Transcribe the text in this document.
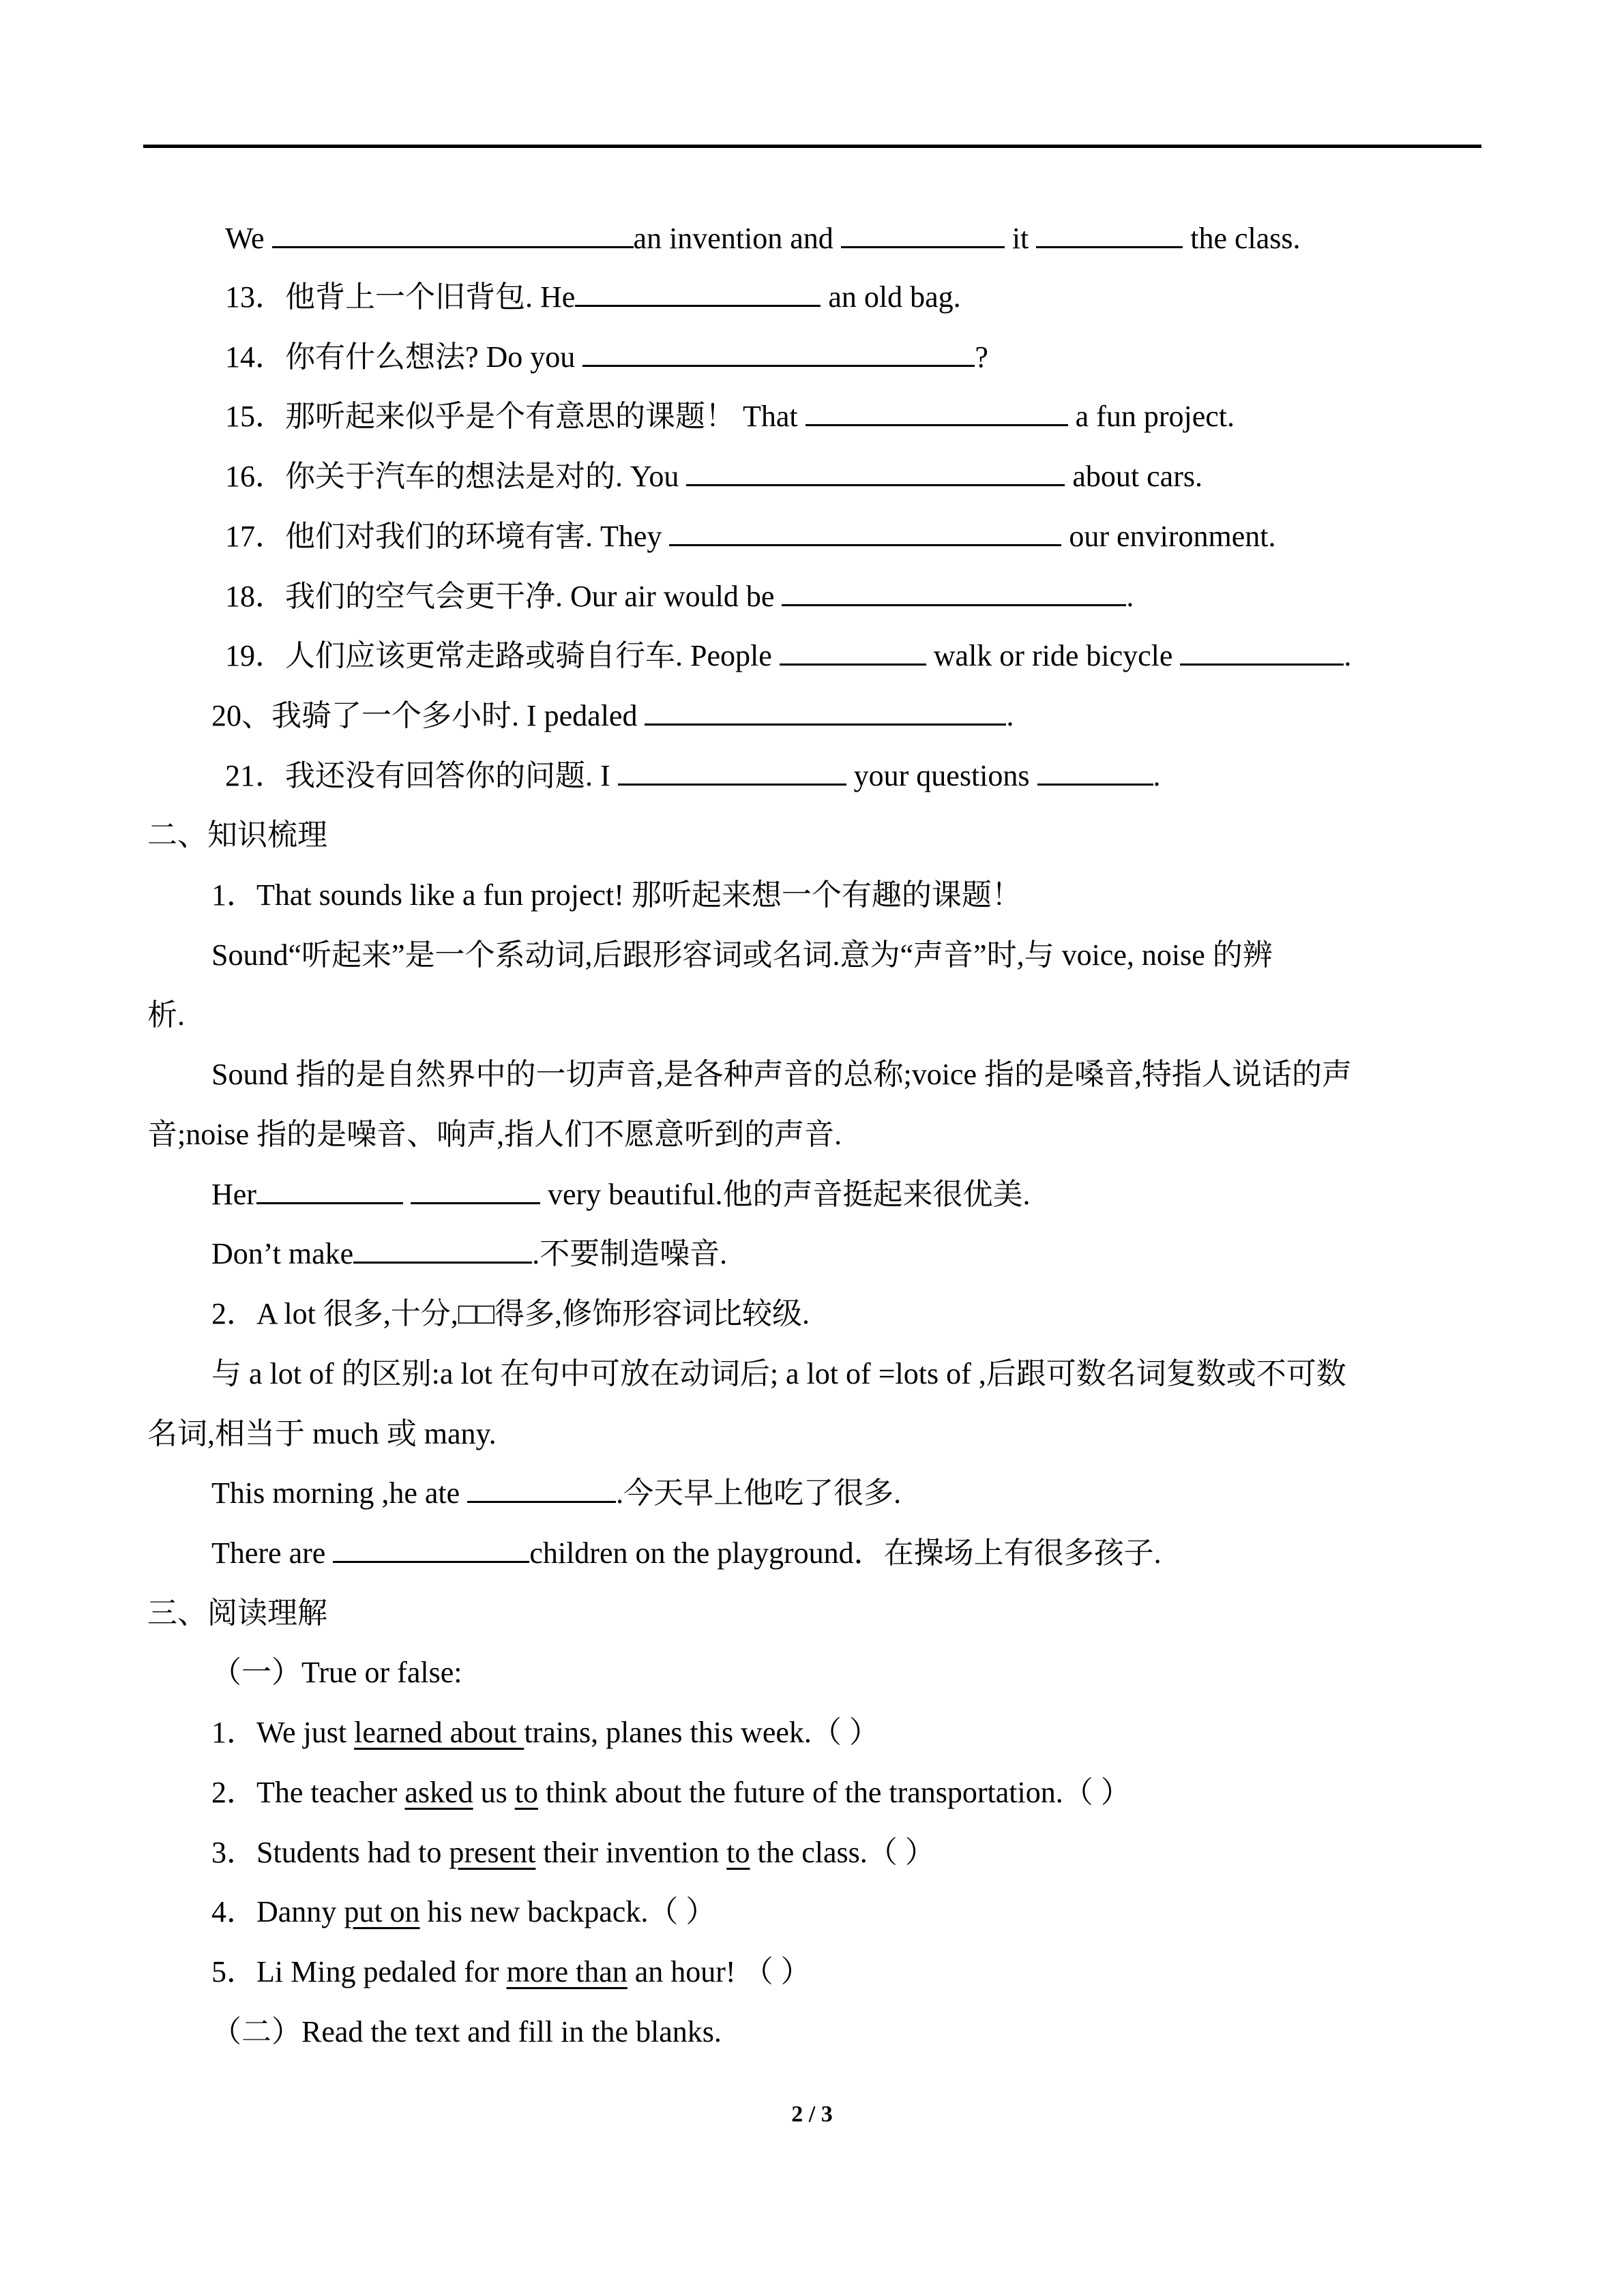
We	an invention and	it	the class.
13．他背上一个旧背包. He	an old bag.
14．你有什么想法? Do you	?
15．那听起来似乎是个有意思的课题！ That	a fun project.
16．你关于汽车的想法是对的. You	about cars.
17．他们对我们的环境有害. They	our environment.
18．我们的空气会更干净. Our air would be	.
19．人们应该更常走路或骑自行车. People	walk or ride bicycle	.
20、我骑了一个多小时. I pedaled	.
21．我还没有回答你的问题. I	your questions	.
二、知识梳理
1．That sounds like a fun project! 那听起来想一个有趣的课题！
Sound“听起来”是一个系动词,后跟形容词或名词.意为“声音”时,与 voice, noise 的辨
析.
Sound 指的是自然界中的一切声音,是各种声音的总称;voice 指的是嗓音,特指人说话的声
音;noise 指的是噪音、响声,指人们不愿意听到的声音.
Her	very beautiful.他的声音挺起来很优美.
Don’t make	.不要制造噪音.
2．A lot 很多,十分,□□得多,修饰形容词比较级.
与 a lot of 的区别:a lot 在句中可放在动词后; a lot of =lots of ,后跟可数名词复数或不可数
名词,相当于 much 或 many.
This morning ,he ate	.今天早上他吃了很多.
There are	children on the playground．在操场上有很多孩子.
三、阅读理解
（一）True or false:
1．We just learned about trains, planes this week.（ ）
2．The teacher asked us to think about the future of the transportation.（ ）
3．Students had to present their invention to the class.（ ）
4．Danny put on his new backpack.（ ）
5．Li Ming pedaled for more than an hour! （ ）
（二）Read the text and fill in the blanks.
2 / 3
